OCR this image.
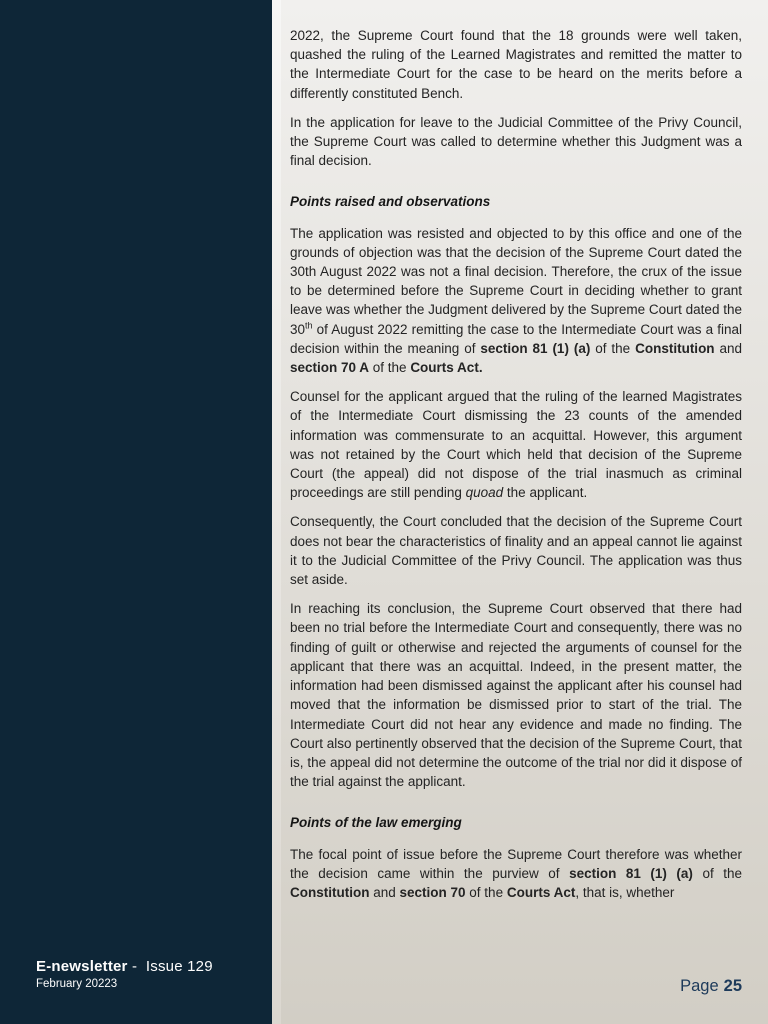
E-newsletter -  Issue 129
February 20223

2022, the Supreme Court found that the 18 grounds were well taken, quashed the ruling of the Learned Magistrates and remitted the matter to the Intermediate Court for the case to be heard on the merits before a differently constituted Bench.

In the application for leave to the Judicial Committee of the Privy Council, the Supreme Court was called to determine whether this Judgment was a final decision.

Points raised and observations

The application was resisted and objected to by this office and one of the grounds of objection was that the decision of the Supreme Court dated the 30th August 2022 was not a final decision. Therefore, the crux of the issue to be determined before the Supreme Court in deciding whether to grant leave was whether the Judgment delivered by the Supreme Court dated the 30th of August 2022 remitting the case to the Intermediate Court was a final decision within the meaning of section 81 (1) (a) of the Constitution and section 70 A of the Courts Act.

Counsel for the applicant argued that the ruling of the learned Magistrates of the Intermediate Court dismissing the 23 counts of the amended information was commensurate to an acquittal. However, this argument was not retained by the Court which held that decision of the Supreme Court (the appeal) did not dispose of the trial inasmuch as criminal proceedings are still pending quoad the applicant.

Consequently, the Court concluded that the decision of the Supreme Court does not bear the characteristics of finality and an appeal cannot lie against it to the Judicial Committee of the Privy Council. The application was thus set aside.

In reaching its conclusion, the Supreme Court observed that there had been no trial before the Intermediate Court and consequently, there was no finding of guilt or otherwise and rejected the arguments of counsel for the applicant that there was an acquittal. Indeed, in the present matter, the information had been dismissed against the applicant after his counsel had moved that the information be dismissed prior to start of the trial. The Intermediate Court did not hear any evidence and made no finding. The Court also pertinently observed that the decision of the Supreme Court, that is, the appeal did not determine the outcome of the trial nor did it dispose of the trial against the applicant.

Points of the law emerging

The focal point of issue before the Supreme Court therefore was whether the decision came within the purview of section 81 (1) (a) of the Constitution and section 70 of the Courts Act, that is, whether

Page 25
